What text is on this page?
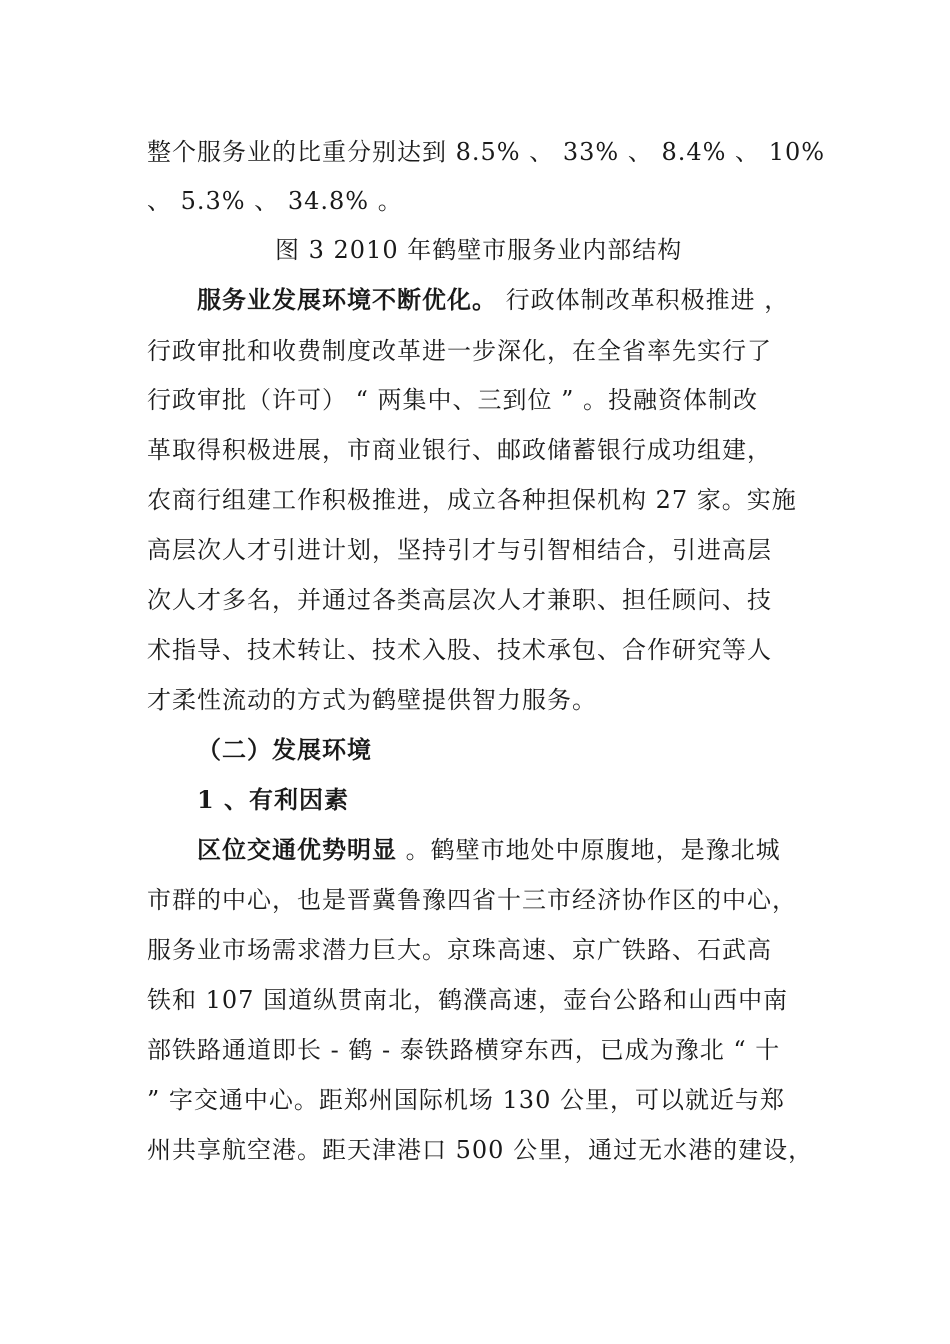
整个服务业的比重分别达到 8.5% 、 33% 、 8.4% 、 10%
、 5.3% 、 34.8% 。
图 3 2010 年鹤壁市服务业内部结构
服务业发展环境不断优化。 行政体制改革积极推进 ，
行政审批和收费制度改革进一步深化，在全省率先实行了
行政审批（许可） “ 两集中、三到位 ” 。投融资体制改
革取得积极进展，市商业银行、邮政储蓄银行成功组建，
农商行组建工作积极推进，成立各种担保机构 27 家。实施
高层次人才引进计划，坚持引才与引智相结合，引进高层
次人才多名，并通过各类高层次人才兼职、担任顾问、技
术指导、技术转让、技术入股、技术承包、合作研究等人
才柔性流动的方式为鹤壁提供智力服务。
（二）发展环境
1 、有利因素
区位交通优势明显 。鹤壁市地处中原腹地，是豫北城
市群的中心，也是晋冀鲁豫四省十三市经济协作区的中心，
服务业市场需求潜力巨大。京珠高速、京广铁路、石武高
铁和 107 国道纵贯南北，鹤濮高速，壶台公路和山西中南
部铁路通道即长 - 鹤 - 泰铁路横穿东西，已成为豫北 “ 十
” 字交通中心。距郑州国际机场 130 公里，可以就近与郑
州共享航空港。距天津港口 500 公里，通过无水港的建设，
